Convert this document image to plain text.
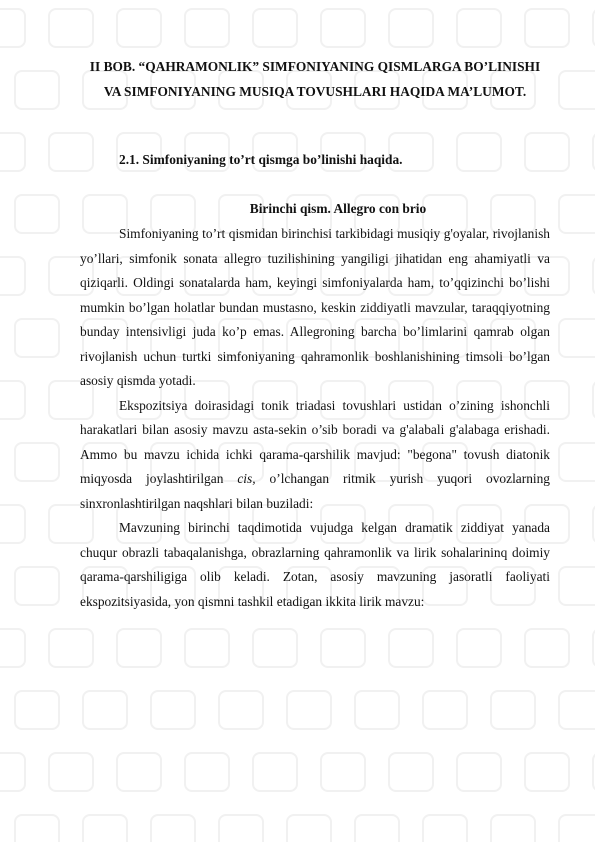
II BOB. “QAHRAMONLIK” SIMFONIYANING QISMLARGA BO’LINISHI VA SIMFONIYANING MUSIQA TOVUSHLARI HAQIDA MA’LUMOT.
2.1. Simfoniyaning to’rt qismga bo’linishi haqida.
Birinchi qism. Allegro con brio

Simfoniyaning to’rt qismidan birinchisi tarkibidagi musiqiy g'oyalar, rivojlanish yo’llari, simfonik sonata allegro tuzilishining yangiligi jihatidan eng ahamiyatli va qiziqarli. Oldingi sonatalarda ham, keyingi simfoniyalarda ham, to’qqizinchi bo’lishi mumkin bo’lgan holatlar bundan mustasno, keskin ziddiyatli mavzular, taraqqiyotning bunday intensivligi juda ko’p emas. Allegroning barcha bo’limlarini qamrab olgan rivojlanish uchun turtki simfoniyaning qahramonlik boshlanishining timsoli bo’lgan asosiy qismda yotadi.

Ekspozitsiya doirasidagi tonik triadasi tovushlari ustidan o’zining ishonchli harakatlari bilan asosiy mavzu asta-sekin o’sib boradi va g'alabali g'alabaga erishadi. Ammo bu mavzu ichida ichki qarama-qarshilik mavjud: "begona" tovush diatonik miqyosda joylashtirilgan cis, o’lchangan ritmik yurish yuqori ovozlarning sinxronlashtirilgan naqshlari bilan buziladi:

Mavzuning birinchi taqdimotida vujudga kelgan dramatik ziddiyat yanada chuqur obrazli tabaqalanishga, obrazlarning qahramonlik va lirik sohalarininq doimiy qarama-qarshiligiga olib keladi. Zotan, asosiy mavzuning jasoratli faoliyati ekspozitsiyasida, yon qismni tashkil etadigan ikkita lirik mavzu:
